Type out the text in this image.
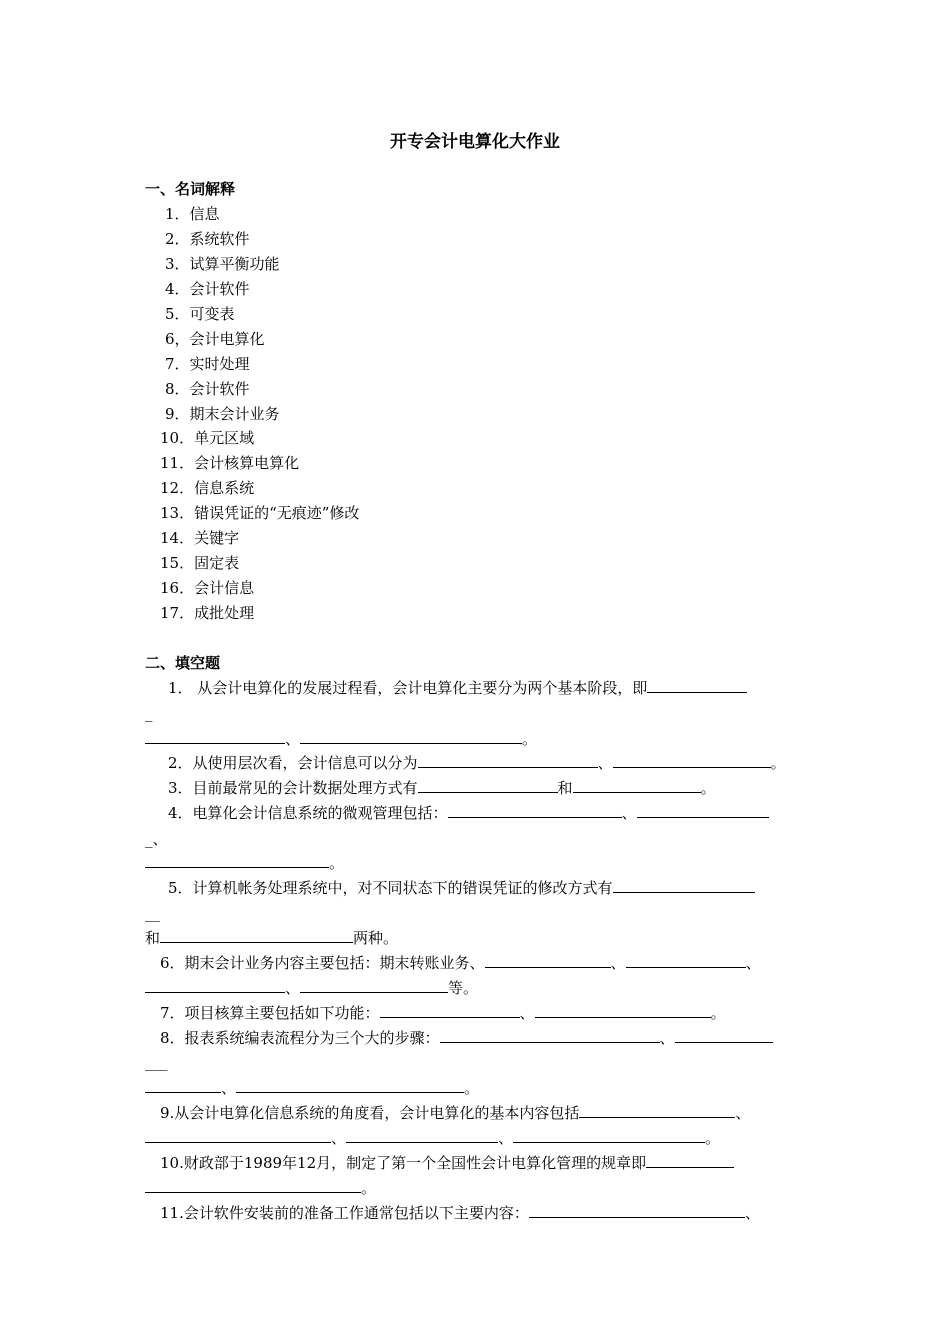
开专会计电算化大作业
一、名词解释
1．信息
2．系统软件
3．试算平衡功能
4．会计软件
5．可变表
6，会计电算化
7．实时处理
8．会计软件
9．期末会计业务
10．单元区域
11．会计核算电算化
12．信息系统
13．错误凭证的“无痕迹”修改
14．关键字
15．固定表
16．会计信息
17．成批处理
二、填空题
1． 从会计电算化的发展过程看，会计电算化主要分为两个基本阶段，即
_
、	。
2．从使用层次看，会计信息可以分为	、	。
3．目前最常见的会计数据处理方式有	和	。
4．电算化会计信息系统的微观管理包括：	、
_、
。
5．计算机帐务处理系统中，对不同状态下的错误凭证的修改方式有
__
和	两种。
6．期末会计业务内容主要包括：期末转账业务、	、	、
、	等。
7．项目核算主要包括如下功能：	、	。
8．报表系统编表流程分为三个大的步骤：	、
___
、	。
9.从会计电算化信息系统的角度看，会计电算化的基本内容包括	、
、	、	。
10.财政部于1989年12月，制定了第一个全国性会计电算化管理的规章即
。
11.会计软件安装前的准备工作通常包括以下主要内容：	、
